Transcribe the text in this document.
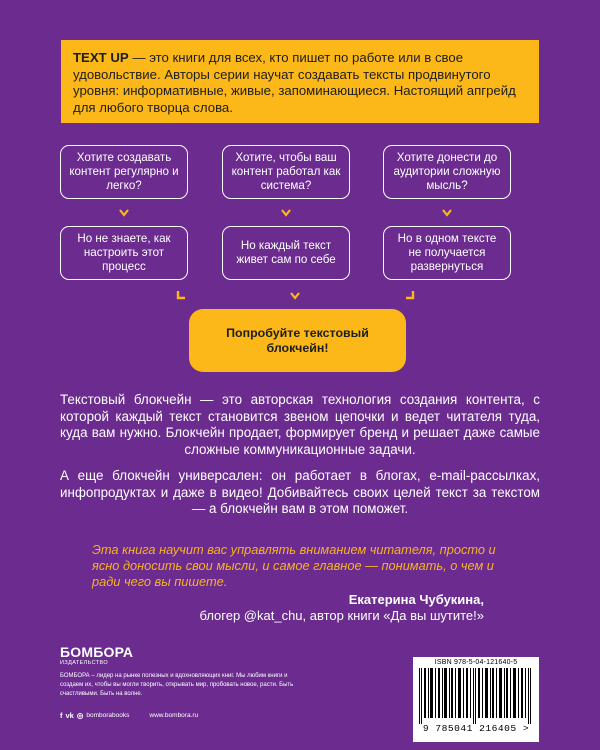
TEXT UP — это книги для всех, кто пишет по работе или в свое удовольствие. Авторы серии научат создавать тексты продвинутого уровня: информативные, живые, запоминающиеся. Настоящий апгрейд для любого творца слова.
Хотите создавать контент регулярно и легко?
Хотите, чтобы ваш контент работал как система?
Хотите донести до аудитории сложную мысль?
Но не знаете, как настроить этот процесс
Но каждый текст живет сам по себе
Но в одном тексте не получается развернуться
Попробуйте текстовый блокчейн!

Текстовый блокчейн — это авторская технология создания контента, с которой каждый текст становится звеном цепочки и ведет читателя туда, куда вам нужно. Блокчейн продает, формирует бренд и решает даже самые сложные коммуникационные задачи.

А еще блокчейн универсален: он работает в блогах, e-mail-рассылках, инфопродуктах и даже в видео! Добивайтесь своих целей текст за текстом — а блокчейн вам в этом поможет.

Эта книга научит вас управлять вниманием читателя, просто и ясно доносить свои мысли, и самое главное — понимать, о чем и ради чего вы пишете.

Екатерина Чубукина,
блогер @kat_chu, автор книги «Да вы шутите!»
БОМБОРА
ИЗДАТЕЛЬСТВО

БОМБОРА – лидер на рынке полезных и вдохновляющих книг. Мы любим книги и создаем их, чтобы вы могли творить, открывать мир, пробовать новое, расти. Быть счастливыми. Быть на волне.

f vk ◎ bomborabooks	www.bombora.ru
ISBN 978-5-04-121640-5
9 785041 216405 >
